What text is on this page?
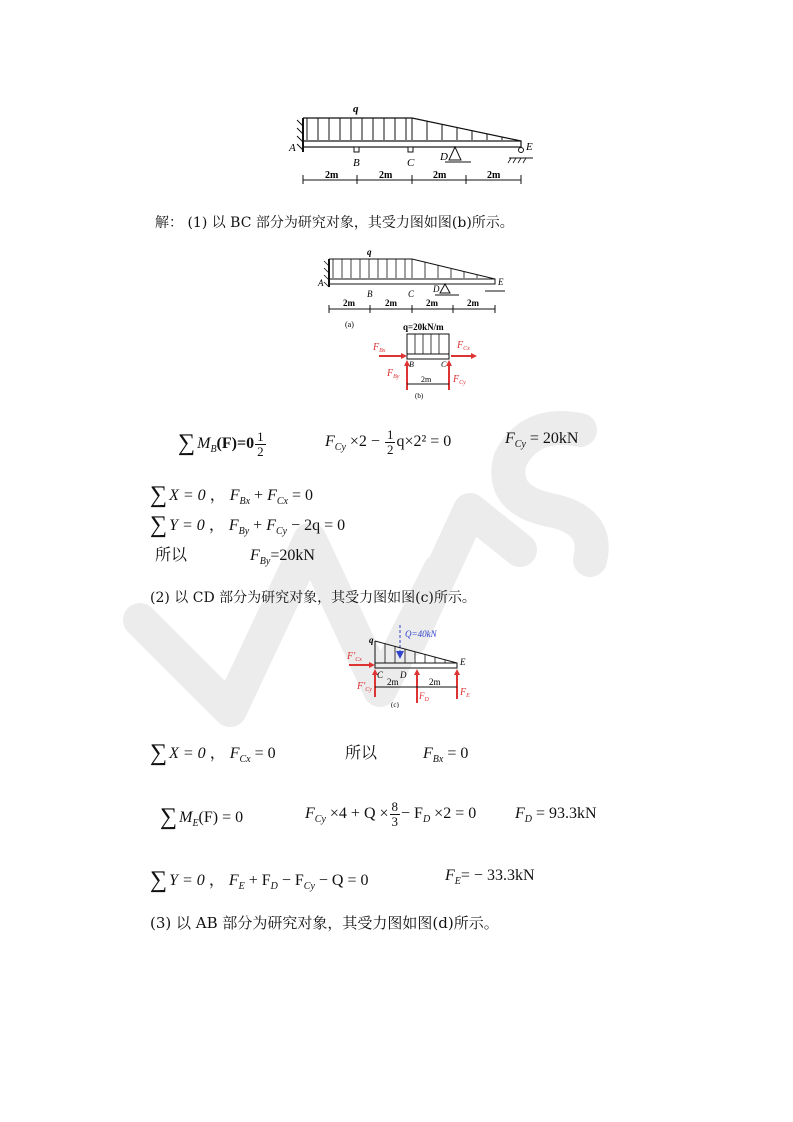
WPS
q
A
B	C D
E
2m	2m	2m	2m
解： (1) 以 BC 部分为研究对象，其受力图如图(b)所示。
q
A
B	C D
E
2m	2m	2m	2m
(a)	q=20kN/m
$F_{Bx}$	$F_{Cx}$
$F_{By}$	$F_{Cy}$
B	C
2m
(b)
∑ $M_B(F)=0 \frac{1}{2}$	$F_{Cy} \times 2 - \frac{1}{2} q\times 2^2 = 0$	$F_{Cy} = 20kN$
∑ X = 0 ， $F_{Bx} + F_{Cx} = 0$
∑ Y = 0 ， $F_{By} + F_{Cy} - 2q = 0$
所以	$F_{By}=20kN$
(2) 以 CD 部分为研究对象，其受力图如图(c)所示。
Q=40kN
q
$F'_{Cx}$
$F'_{Cy}$
$F_D$
$F_E$
C D
E
2m	2m
(c)
∑ X = 0 ， $F_{Cx} = 0$	所以	$F_{Bx} = 0$
∑ $M_E(F) = 0$	$F_{Cy} \times 4 + Q \times \frac{8}{3} - F_D \times 2 = 0$ $F_D = 93.3kN$
∑ Y = 0 ， $F_E + F_D - F_{Cy} - Q = 0$	$F_E= - 33.3kN$
(3) 以 AB 部分为研究对象，其受力图如图(d)所示。
